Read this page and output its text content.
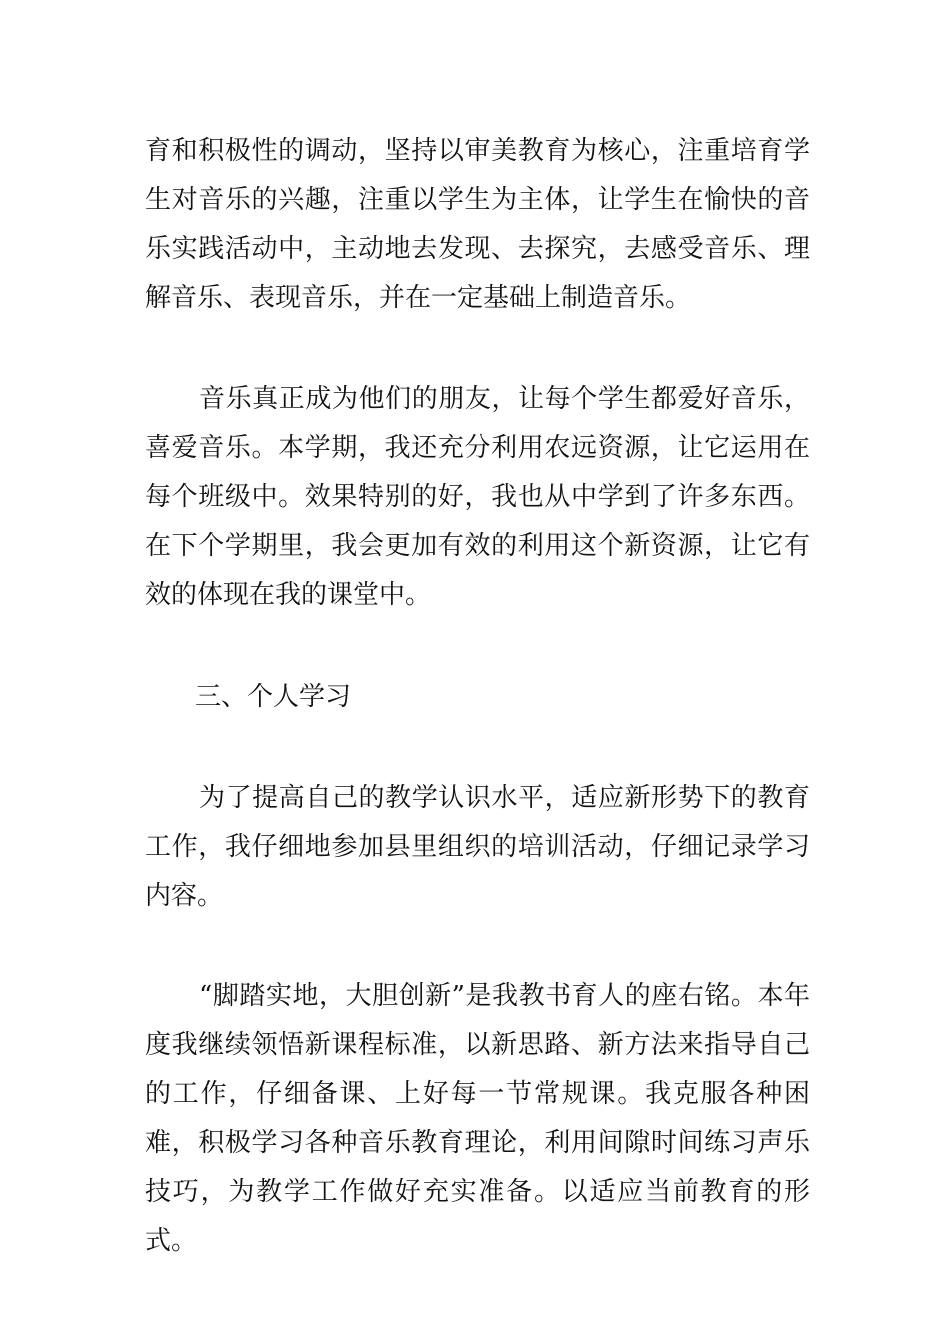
育和积极性的调动，坚持以审美教育为核心，注重培育学生对音乐的兴趣，注重以学生为主体，让学生在愉快的音乐实践活动中，主动地去发现、去探究，去感受音乐、理解音乐、表现音乐，并在一定基础上制造音乐。

音乐真正成为他们的朋友，让每个学生都爱好音乐，喜爱音乐。本学期，我还充分利用农远资源，让它运用在每个班级中。效果特别的好，我也从中学到了许多东西。在下个学期里，我会更加有效的利用这个新资源，让它有效的体现在我的课堂中。

三、个人学习

为了提高自己的教学认识水平，适应新形势下的教育工作，我仔细地参加县里组织的培训活动，仔细记录学习内容。

“脚踏实地，大胆创新”是我教书育人的座右铭。本年度我继续领悟新课程标准，以新思路、新方法来指导自己的工作，仔细备课、上好每一节常规课。我克服各种困难，积极学习各种音乐教育理论，利用间隙时间练习声乐技巧，为教学工作做好充实准备。以适应当前教育的形式。
